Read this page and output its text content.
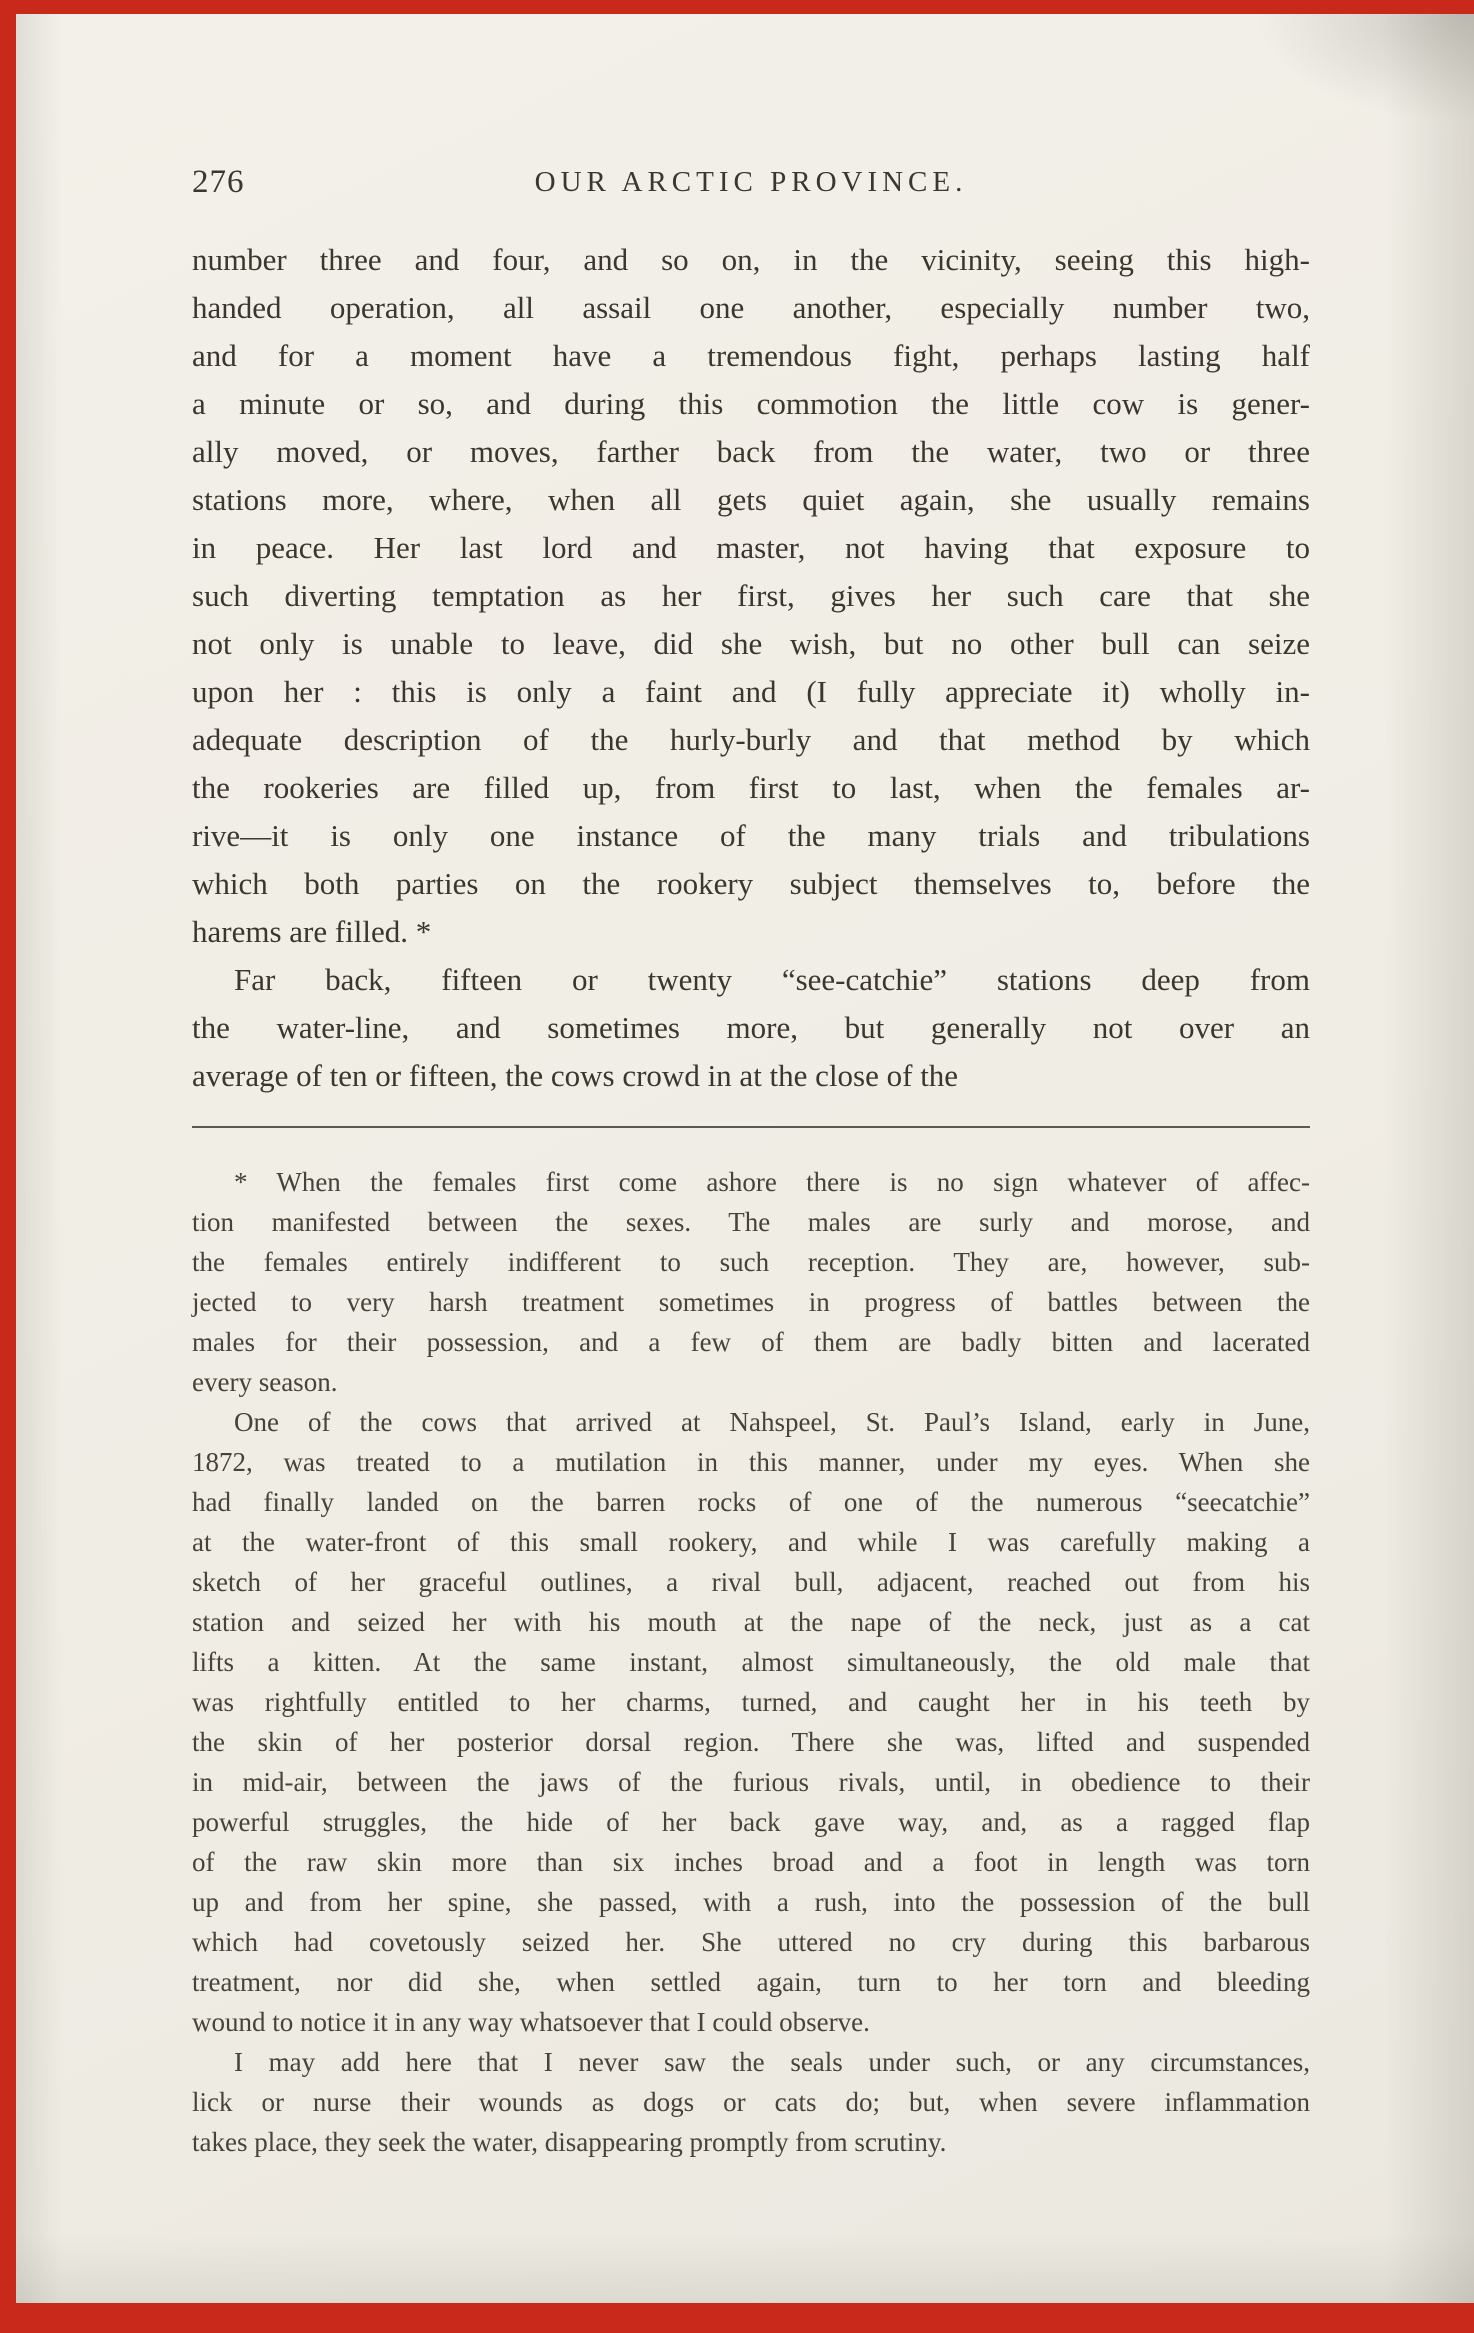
276	OUR ARCTIC PROVINCE.
number three and four, and so on, in the vicinity, seeing this high-
handed operation, all assail one another, especially number two,
and for a moment have a tremendous fight, perhaps lasting half
a minute or so, and during this commotion the little cow is gener-
ally moved, or moves, farther back from the water, two or three
stations more, where, when all gets quiet again, she usually remains
in peace. Her last lord and master, not having that exposure to
such diverting temptation as her first, gives her such care that she
not only is unable to leave, did she wish, but no other bull can seize
upon her : this is only a faint and (I fully appreciate it) wholly in-
adequate description of the hurly-burly and that method by which
the rookeries are filled up, from first to last, when the females ar-
rive—it is only one instance of the many trials and tribulations
which both parties on the rookery subject themselves to, before the
harems are filled. *
Far back, fifteen or twenty “see-catchie” stations deep from
the water-line, and sometimes more, but generally not over an
average of ten or fifteen, the cows crowd in at the close of the
* When the females first come ashore there is no sign whatever of affec-
tion manifested between the sexes. The males are surly and morose, and
the females entirely indifferent to such reception. They are, however, sub-
jected to very harsh treatment sometimes in progress of battles between the
males for their possession, and a few of them are badly bitten and lacerated
every season.
One of the cows that arrived at Nahspeel, St. Paul’s Island, early in June,
1872, was treated to a mutilation in this manner, under my eyes. When she
had finally landed on the barren rocks of one of the numerous “seecatchie”
at the water-front of this small rookery, and while I was carefully making a
sketch of her graceful outlines, a rival bull, adjacent, reached out from his
station and seized her with his mouth at the nape of the neck, just as a cat
lifts a kitten. At the same instant, almost simultaneously, the old male that
was rightfully entitled to her charms, turned, and caught her in his teeth by
the skin of her posterior dorsal region. There she was, lifted and suspended
in mid-air, between the jaws of the furious rivals, until, in obedience to their
powerful struggles, the hide of her back gave way, and, as a ragged flap
of the raw skin more than six inches broad and a foot in length was torn
up and from her spine, she passed, with a rush, into the possession of the bull
which had covetously seized her. She uttered no cry during this barbarous
treatment, nor did she, when settled again, turn to her torn and bleeding
wound to notice it in any way whatsoever that I could observe.
I may add here that I never saw the seals under such, or any circumstances,
lick or nurse their wounds as dogs or cats do; but, when severe inflammation
takes place, they seek the water, disappearing promptly from scrutiny.
